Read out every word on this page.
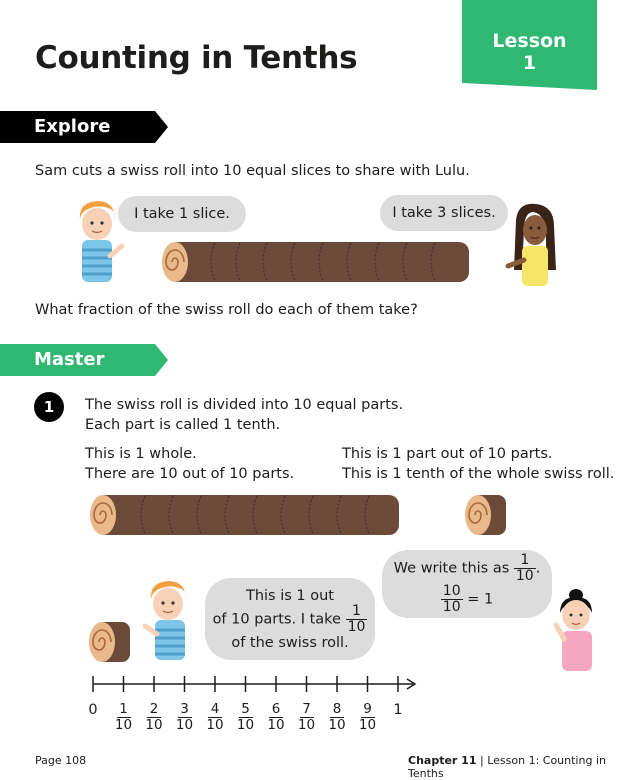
Counting in Tenths	Lesson
1
Explore
Sam cuts a swiss roll into 10 equal slices to share with Lulu.
I take 1 slice.	I take 3 slices.
What fraction of the swiss roll do each of them take?
Master
1	The swiss roll is divided into 10 equal parts.
Each part is called 1 tenth.
This is 1 whole.
There are 10 out of 10 parts.
This is 1 part out of 10 parts.
This is 1 tenth of the whole swiss roll.
This is 1 out
of 10 parts. I take $\frac{1}{10}$
of the swiss roll.
We write this as $\frac{1}{10}$ .
$\frac{10}{10} = 1$
0	$\frac{1}{10} \frac{2}{10} \frac{3}{10} \frac{4}{10} \frac{5}{10} \frac{6}{10} \frac{7}{10} \frac{8}{10} \frac{9}{10} 1$
Page 108	Chapter 11 | Lesson 1: Counting in Tenths
